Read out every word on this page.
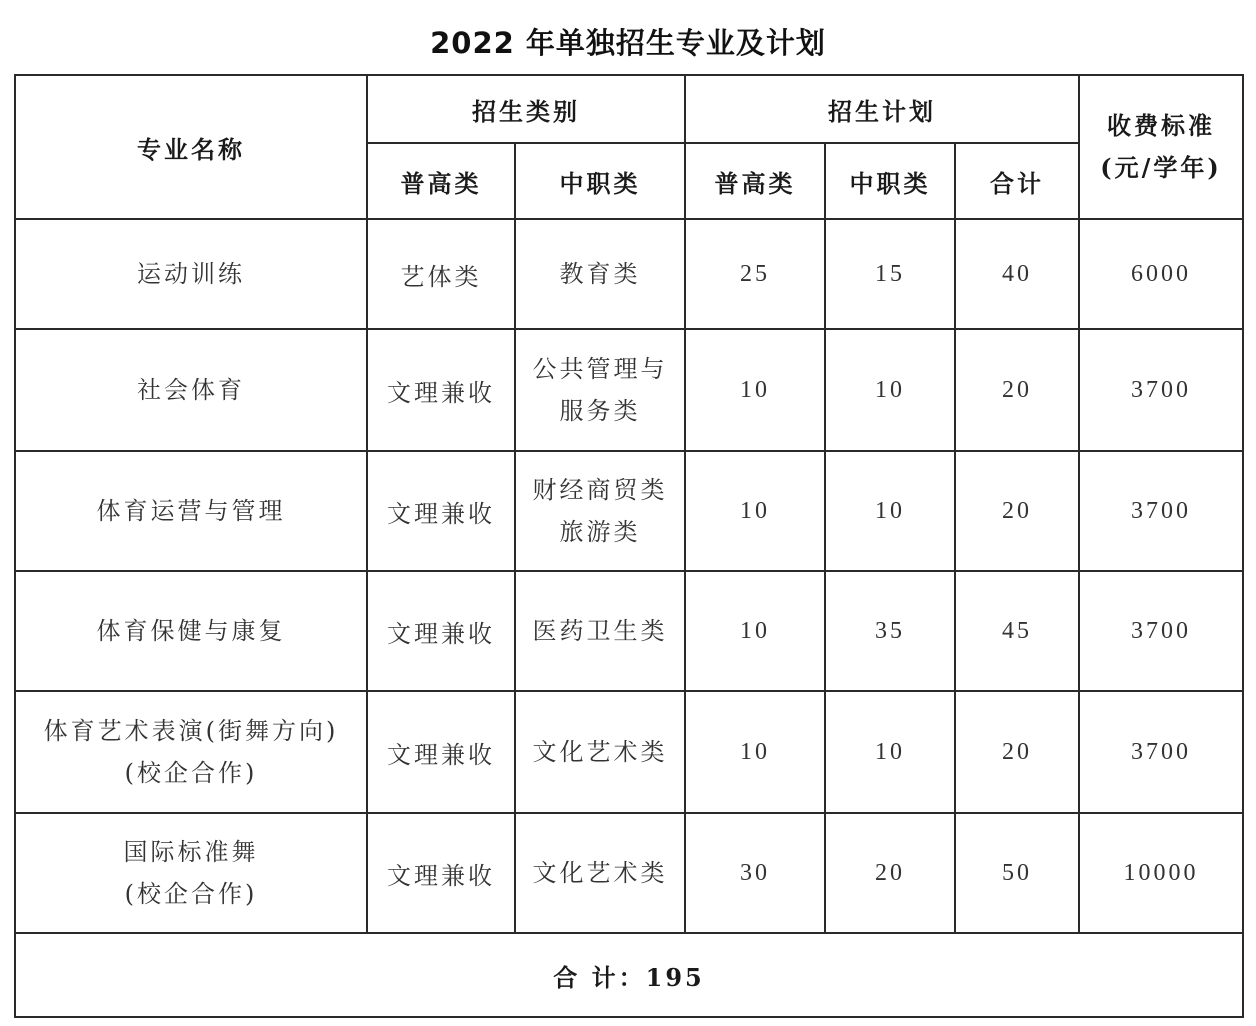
2022 年单独招生专业及计划
专业名称	招生类别		招生计划			收费标准
(元/学年)

	普高类	中职类	普高类	中职类	合计	

运动训练	艺体类	教育类	25	15	40	6000

社会体育	文理兼收	公共管理与
服务类	10	10	20	3700

体育运营与管理	文理兼收	财经商贸类
旅游类	10	10	20	3700

体育保健与康复	文理兼收	医药卫生类	10	35	45	3700

体育艺术表演(街舞方向)
(校企合作)	文理兼收	文化艺术类	10	10	20	3700

国际标准舞
(校企合作)	文理兼收	文化艺术类	30	20	50	10000
合 计：195						
